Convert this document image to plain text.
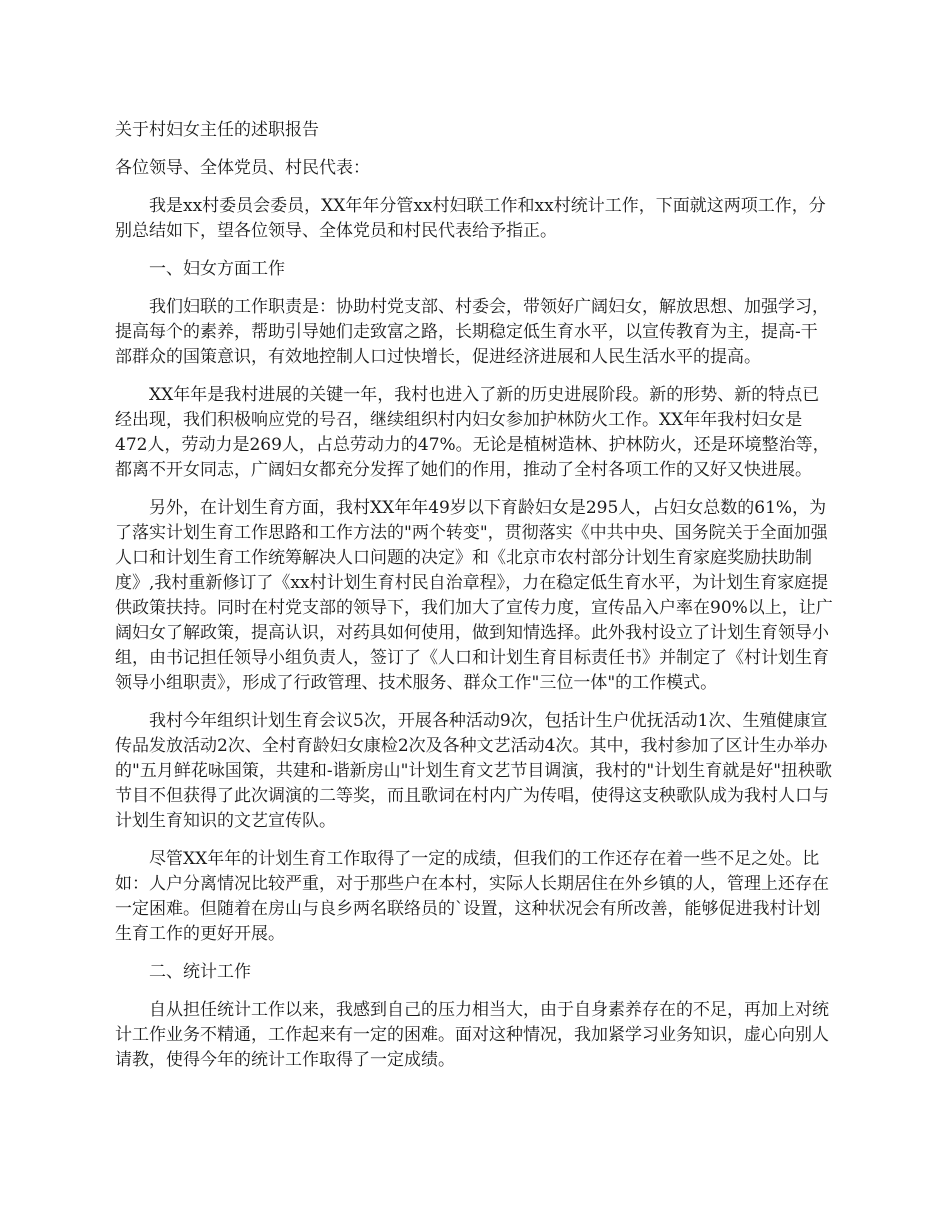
关于村妇女主任的述职报告
各位领导、全体党员、村民代表：

我是xx村委员会委员，XX年年分管xx村妇联工作和xx村统计工作，下面就这两项工作，分别总结如下，望各位领导、全体党员和村民代表给予指正。

一、妇女方面工作

我们妇联的工作职责是：协助村党支部、村委会，带领好广阔妇女，解放思想、加强学习，提高每个的素养，帮助引导她们走致富之路，长期稳定低生育水平，以宣传教育为主，提高-干部群众的国策意识，有效地控制人口过快增长，促进经济进展和人民生活水平的提高。

XX年年是我村进展的关键一年，我村也进入了新的历史进展阶段。新的形势、新的特点已经出现，我们积极响应党的号召，继续组织村内妇女参加护林防火工作。XX年年我村妇女是472人，劳动力是269人，占总劳动力的47%。无论是植树造林、护林防火，还是环境整治等，都离不开女同志，广阔妇女都充分发挥了她们的作用，推动了全村各项工作的又好又快进展。

另外，在计划生育方面，我村XX年年49岁以下育龄妇女是295人，占妇女总数的61%，为了落实计划生育工作思路和工作方法的"两个转变"，贯彻落实《中共中央、国务院关于全面加强人口和计划生育工作统筹解决人口问题的决定》和《北京市农村部分计划生育家庭奖励扶助制度》,我村重新修订了《xx村计划生育村民自治章程》，力在稳定低生育水平，为计划生育家庭提供政策扶持。同时在村党支部的领导下，我们加大了宣传力度，宣传品入户率在90%以上，让广阔妇女了解政策，提高认识，对药具如何使用，做到知情选择。此外我村设立了计划生育领导小组，由书记担任领导小组负责人，签订了《人口和计划生育目标责任书》并制定了《村计划生育领导小组职责》，形成了行政管理、技术服务、群众工作"三位一体"的工作模式。

我村今年组织计划生育会议5次，开展各种活动9次，包括计生户优抚活动1次、生殖健康宣传品发放活动2次、全村育龄妇女康检2次及各种文艺活动4次。其中，我村参加了区计生办举办的"五月鲜花咏国策，共建和-谐新房山"计划生育文艺节目调演，我村的"计划生育就是好"扭秧歌节目不但获得了此次调演的二等奖，而且歌词在村内广为传唱，使得这支秧歌队成为我村人口与计划生育知识的文艺宣传队。

尽管XX年年的计划生育工作取得了一定的成绩，但我们的工作还存在着一些不足之处。比如：人户分离情况比较严重，对于那些户在本村，实际人长期居住在外乡镇的人，管理上还存在一定困难。但随着在房山与良乡两名联络员的`设置，这种状况会有所改善，能够促进我村计划生育工作的更好开展。

二、统计工作

自从担任统计工作以来，我感到自己的压力相当大，由于自身素养存在的不足，再加上对统计工作业务不精通，工作起来有一定的困难。面对这种情况，我加紧学习业务知识，虚心向别人请教，使得今年的统计工作取得了一定成绩。
